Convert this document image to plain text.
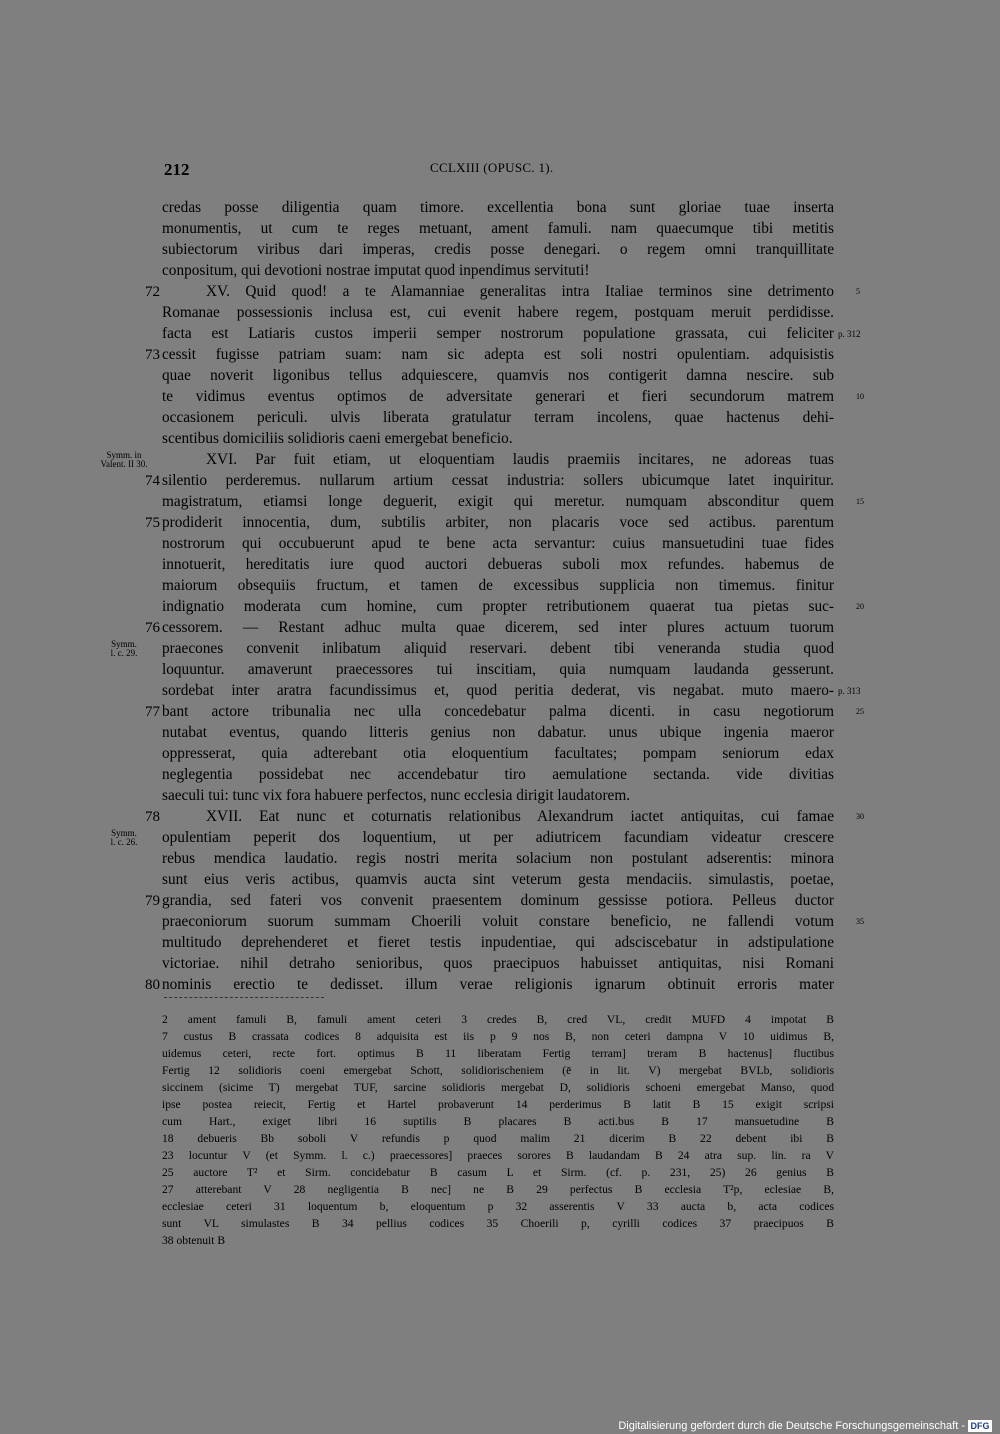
212	CCLXIII (OPUSC. 1).
credas posse diligentia quam timore. excellentia bona sunt gloriae tuae inserta
monumentis, ut cum te reges metuant, ament famuli. nam quaecumque tibi metitis
subiectorum viribus dari imperas, credis posse denegari. o regem omni tranquillitate
conpositum, qui devotioni nostrae imputat quod inpendimus servituti!
XV. Quid quod! a te Alamanniae generalitas intra Italiae terminos sine detrimento
Romanae possessionis inclusa est, cui evenit habere regem, postquam meruit perdidisse.
facta est Latiaris custos imperii semper nostrorum populatione grassata, cui feliciter
cessit fugisse patriam suam: nam sic adepta est soli nostri opulentiam. adquisistis
quae noverit ligonibus tellus adquiescere, quamvis nos contigerit damna nescire. sub
te vidimus eventus optimos de adversitate generari et fieri secundorum matrem
occasionem periculi. ulvis liberata gratulatur terram incolens, quae hactenus dehi-
scentibus domiciliis solidioris caeni emergebat beneficio.
XVI. Par fuit etiam, ut eloquentiam laudis praemiis incitares, ne adoreas tuas
silentio perderemus. nullarum artium cessat industria: sollers ubicumque latet inquiritur.
magistratum, etiamsi longe deguerit, exigit qui meretur. numquam absconditur quem
prodiderit innocentia, dum, subtilis arbiter, non placaris voce sed actibus. parentum
nostrorum qui occubuerunt apud te bene acta servantur: cuius mansuetudini tuae fides
innotuerit, hereditatis iure quod auctori debueras suboli mox refundes. habemus de
maiorum obsequiis fructum, et tamen de excessibus supplicia non timemus. finitur
indignatio moderata cum homine, cum propter retributionem quaerat tua pietas suc-
cessorem. — Restant adhuc multa quae dicerem, sed inter plures actuum tuorum
praecones convenit inlibatum aliquid reservari. debent tibi veneranda studia quod
loquuntur. amaverunt praecessores tui inscitiam, quia numquam laudanda gesserunt.
sordebat inter aratra facundissimus et, quod peritia dederat, vis negabat. muto maero-
bant actore tribunalia nec ulla concedebatur palma dicenti. in casu negotiorum
nutabat eventus, quando litteris genius non dabatur. unus ubique ingenia maeror
oppresserat, quia adterebant otia eloquentium facultates; pompam seniorum edax
neglegentia possidebat nec accendebatur tiro aemulatione sectanda. vide divitias
saeculi tui: tunc vix fora habuere perfectos, nunc ecclesia dirigit laudatorem.
XVII. Eat nunc et coturnatis relationibus Alexandrum iactet antiquitas, cui famae
opulentiam peperit dos loquentium, ut per adiutricem facundiam videatur crescere
rebus mendica laudatio. regis nostri merita solacium non postulant adserentis: minora
sunt eius veris actibus, quamvis aucta sint veterum gesta mendaciis. simulastis, poetae,
grandia, sed fateri vos convenit praesentem dominum gessisse potiora. Pelleus ductor
praeconiorum suorum summam Choerili voluit constare beneficio, ne fallendi votum
multitudo deprehenderet et fieret testis inpudentiae, qui adsciscebatur in adstipulatione
victoriae. nihil detraho senioribus, quos praecipuos habuisset antiquitas, nisi Romani
nominis erectio te dedisset. illum verae religionis ignarum obtinuit erroris mater
72
73
74
75
76
77
78
79
80
5
10
15
20
25
30
35
p. 312
p. 313
Symm. in
Valent. II 30.
Symm.
l. c. 29.
Symm.
l. c. 26.
2 ament famuli B, famuli ament ceteri 3 credes B, cred VL, credit MUFD 4 impotat B
7 custus B crassata codices 8 adquisita est iis p 9 nos B, non ceteri dampna V 10 uidimus B,
uidemus ceteri, recte fort. optimus B 11 liberatam Fertig terram] treram B hactenus] fluctibus
Fertig 12 solidioris coeni emergebat Schott, solidiorischeniem (ē in lit. V) mergebat BVLb, solidioris
siccinem (sicime T) mergebat TUF, sarcine solidioris mergebat D, solidioris schoeni emergebat Manso, quod
ipse postea reiecit, Fertig et Hartel probaverunt 14 perderimus B latit B 15 exigit scripsi
cum Hart., exiget libri 16 suptilis B placares B acti.bus B 17 mansuetudine B
18 debueris Bb soboli V refundis p quod malim 21 dicerim B 22 debent ibi B
23 locuntur V (et Symm. l. c.) praecessores] praeces sorores B laudandam B 24 atra sup. lin. ra V
25 auctore T² et Sirm. concidebatur B casum L et Sirm. (cf. p. 231, 25) 26 genius B
27 atterebant V 28 negligentia B nec] ne B 29 perfectus B ecclesia T²p, eclesiae B,
ecclesiae ceteri 31 loquentum b, eloquentum p 32 asserentis V 33 aucta b, acta codices
sunt VL simulastes B 34 pellius codices 35 Choerili p, cyrilli codices 37 praecipuos B
38 obtenuit B
Digitalisierung gefördert durch die Deutsche Forschungsgemeinschaft - DFG
